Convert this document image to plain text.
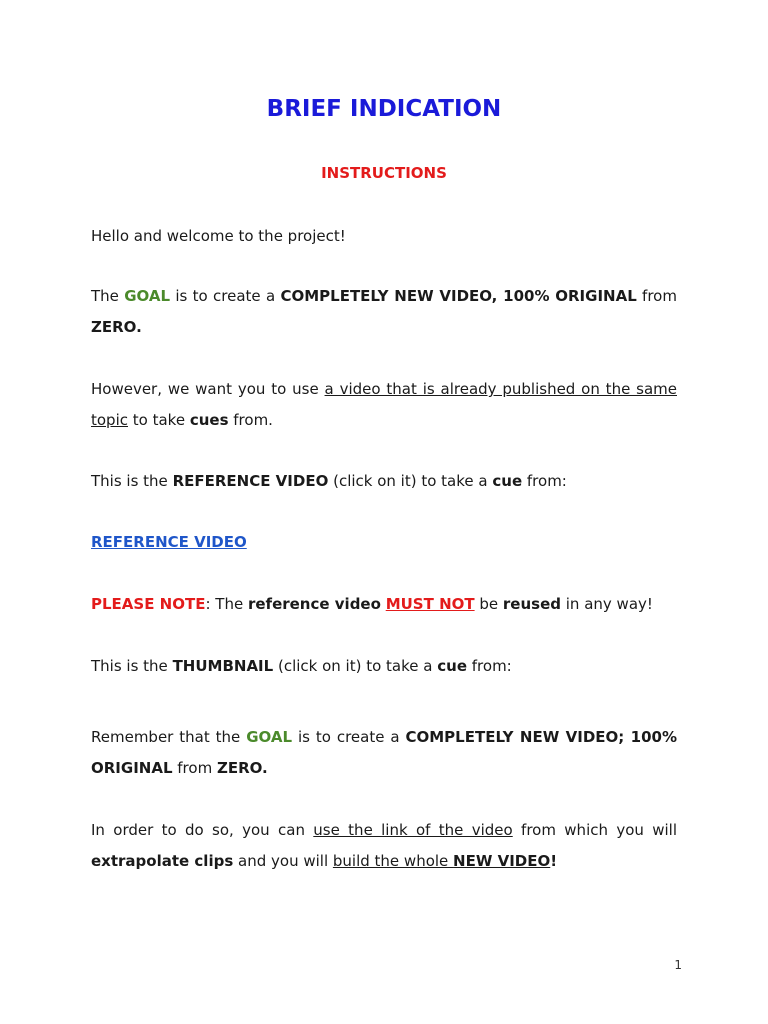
BRIEF INDICATION
INSTRUCTIONS

Hello and welcome to the project!

The GOAL is to create a COMPLETELY NEW VIDEO, 100% ORIGINAL from ZERO.

However, we want you to use a video that is already published on the same topic to take cues from.

This is the REFERENCE VIDEO (click on it) to take a cue from:

REFERENCE VIDEO

PLEASE NOTE: The reference video MUST NOT be reused in any way!

This is the THUMBNAIL (click on it) to take a cue from:

Remember that the GOAL is to create a COMPLETELY NEW VIDEO; 100% ORIGINAL from ZERO.

In order to do so, you can use the link of the video from which you will extrapolate clips and you will build the whole NEW VIDEO!

1
